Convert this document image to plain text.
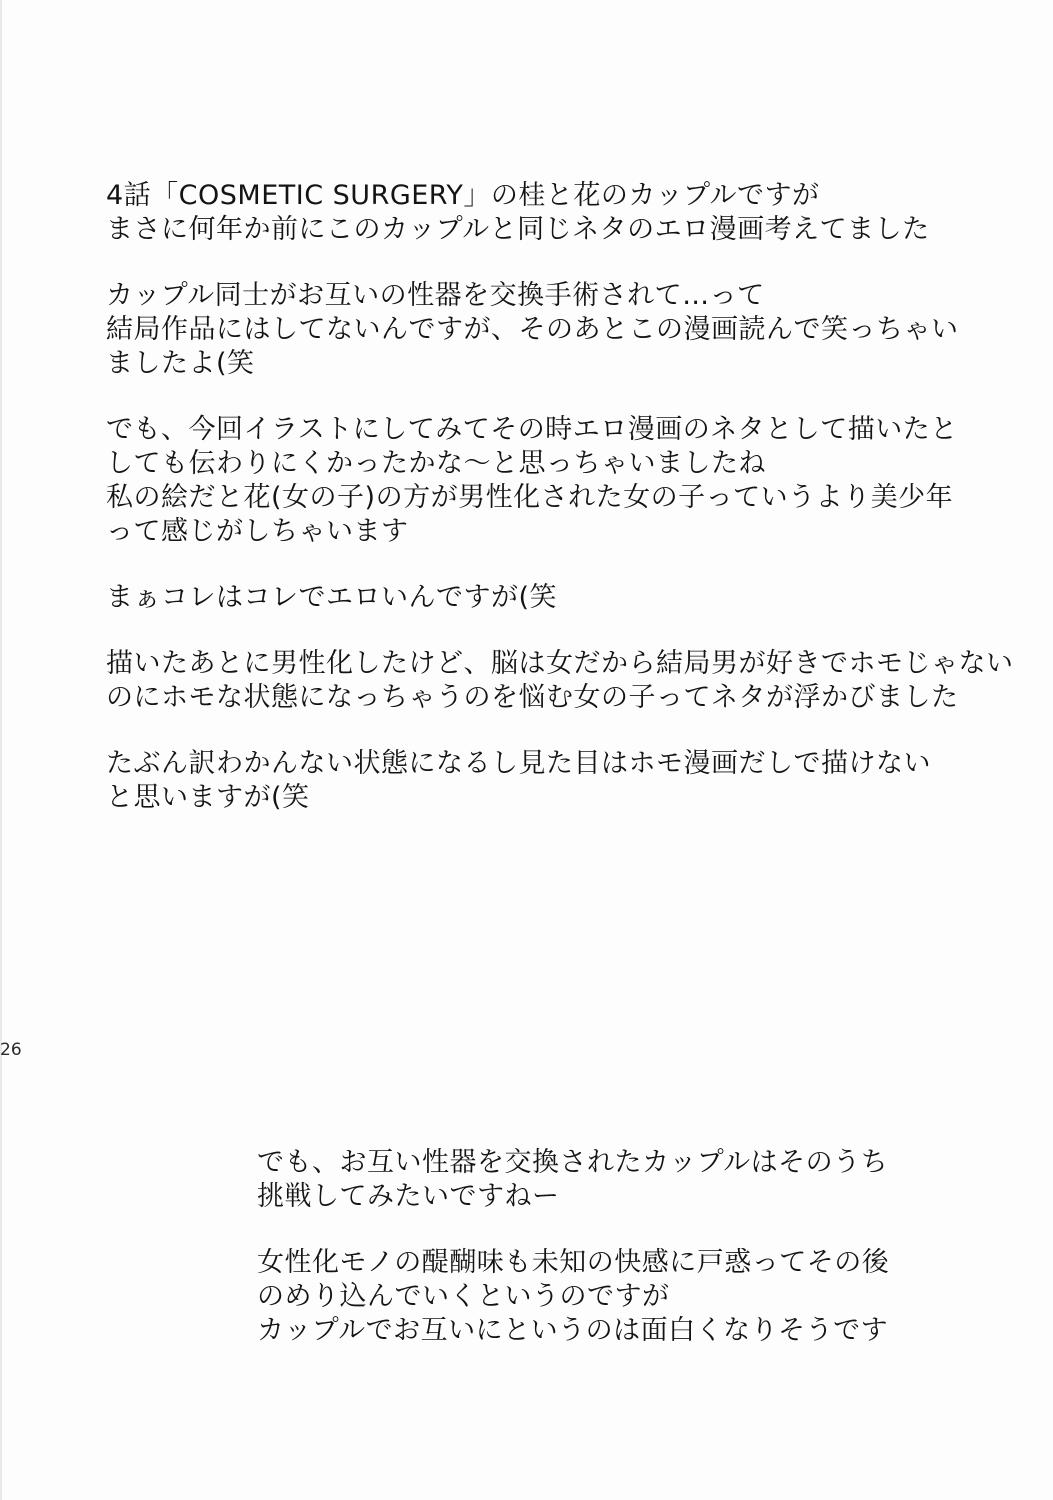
4話「COSMETIC SURGERY」の桂と花のカップルですが
まさに何年か前にこのカップルと同じネタのエロ漫画考えてました
カップル同士がお互いの性器を交換手術されて…って
結局作品にはしてないんですが、そのあとこの漫画読んで笑っちゃい
ましたよ(笑
でも、今回イラストにしてみてその時エロ漫画のネタとして描いたと
しても伝わりにくかったかな～と思っちゃいましたね
私の絵だと花(女の子)の方が男性化された女の子っていうより美少年
って感じがしちゃいます
まぁコレはコレでエロいんですが(笑
描いたあとに男性化したけど、脳は女だから結局男が好きでホモじゃない
のにホモな状態になっちゃうのを悩む女の子ってネタが浮かびました
たぶん訳わかんない状態になるし見た目はホモ漫画だしで描けない
と思いますが(笑
でも、お互い性器を交換されたカップルはそのうち
挑戦してみたいですねー
女性化モノの醍醐味も未知の快感に戸惑ってその後
のめり込んでいくというのですが
カップルでお互いにというのは面白くなりそうです
26
